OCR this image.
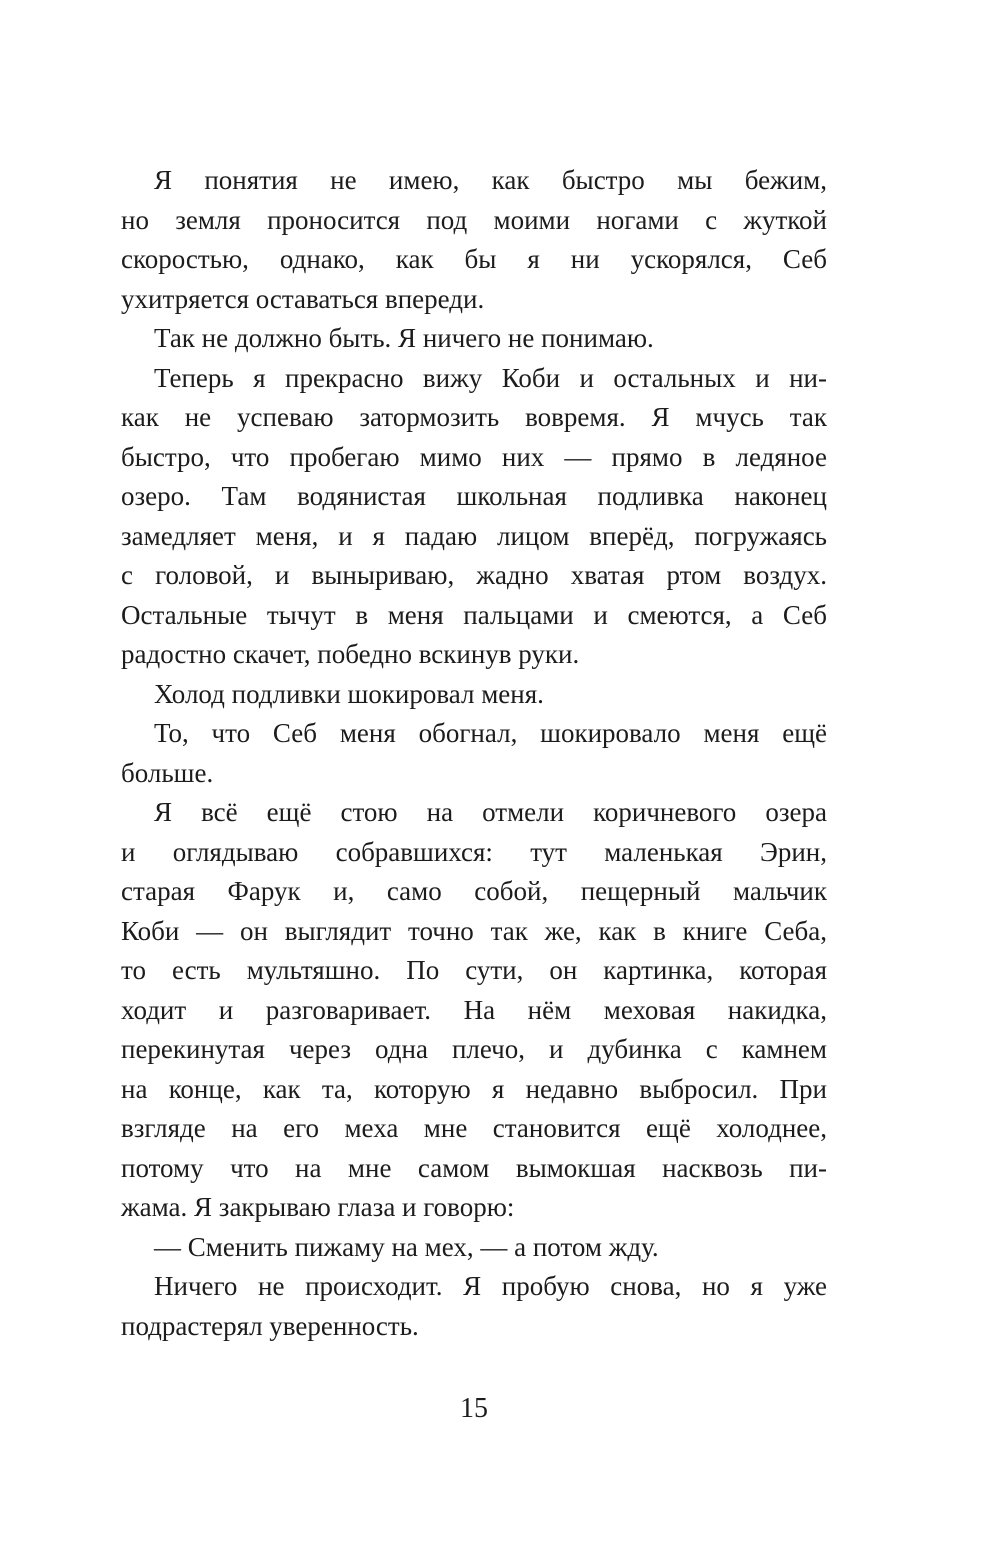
Я понятия не имею, как быстро мы бежим,
но земля проносится под моими ногами с жуткой
скоростью, однако, как бы я ни ускорялся, Себ
ухитряется оставаться впереди.
Так не должно быть. Я ничего не понимаю.
Теперь я прекрасно вижу Коби и остальных и ни-
как не успеваю затормозить вовремя. Я мчусь так
быстро, что пробегаю мимо них — прямо в ледяное
озеро. Там водянистая школьная подливка наконец
замедляет меня, и я падаю лицом вперёд, погружаясь
с головой, и выныриваю, жадно хватая ртом воздух.
Остальные тычут в меня пальцами и смеются, а Себ
радостно скачет, победно вскинув руки.
Холод подливки шокировал меня.
То, что Себ меня обогнал, шокировало меня ещё
больше.
Я всё ещё стою на отмели коричневого озера
и оглядываю собравшихся: тут маленькая Эрин,
старая Фарук и, само собой, пещерный мальчик
Коби — он выглядит точно так же, как в книге Себа,
то есть мультяшно. По сути, он картинка, которая
ходит и разговаривает. На нём меховая накидка,
перекинутая через одна плечо, и дубинка с камнем
на конце, как та, которую я недавно выбросил. При
взгляде на его меха мне становится ещё холоднее,
потому что на мне самом вымокшая насквозь пи-
жама. Я закрываю глаза и говорю:
— Сменить пижаму на мех, — а потом жду.
Ничего не происходит. Я пробую снова, но я уже
подрастерял уверенность.
15
